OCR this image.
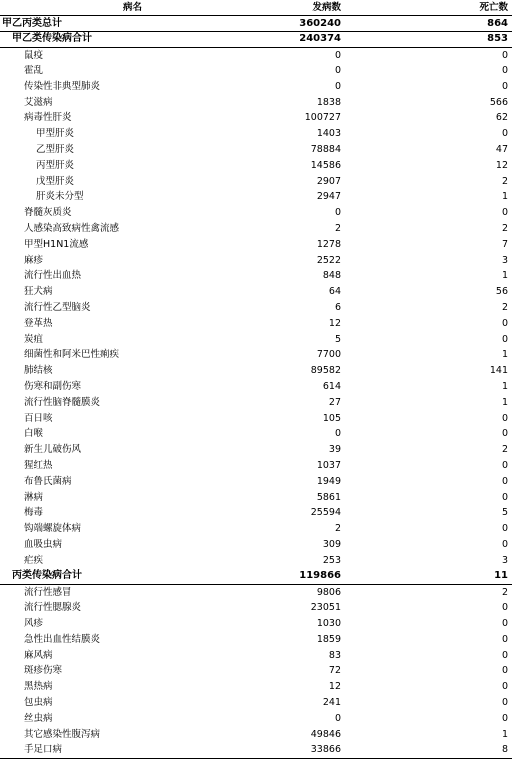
病名	发病数	死亡数
甲乙丙类总计	360240	864
甲乙类传染病合计	240374	853
鼠疫	0	0
霍乱	0	0
传染性非典型肺炎	0	0
艾滋病	1838	566
病毒性肝炎	100727	62
甲型肝炎	1403	0
乙型肝炎	78884	47
丙型肝炎	14586	12
戊型肝炎	2907	2
肝炎未分型	2947	1
脊髓灰质炎	0	0
人感染高致病性禽流感	2	2
甲型H1N1流感	1278	7
麻疹	2522	3
流行性出血热	848	1
狂犬病	64	56
流行性乙型脑炎	6	2
登革热	12	0
炭疽	5	0
细菌性和阿米巴性痢疾	7700	1
肺结核	89582	141
伤寒和副伤寒	614	1
流行性脑脊髓膜炎	27	1
百日咳	105	0
白喉	0	0
新生儿破伤风	39	2
猩红热	1037	0
布鲁氏菌病	1949	0
淋病	5861	0
梅毒	25594	5
钩端螺旋体病	2	0
血吸虫病	309	0
疟疾	253	3
丙类传染病合计	119866	11
流行性感冒	9806	2
流行性腮腺炎	23051	0
风疹	1030	0
急性出血性结膜炎	1859	0
麻风病	83	0
斑疹伤寒	72	0
黑热病	12	0
包虫病	241	0
丝虫病	0	0
其它感染性腹泻病	49846	1
手足口病	33866	8
